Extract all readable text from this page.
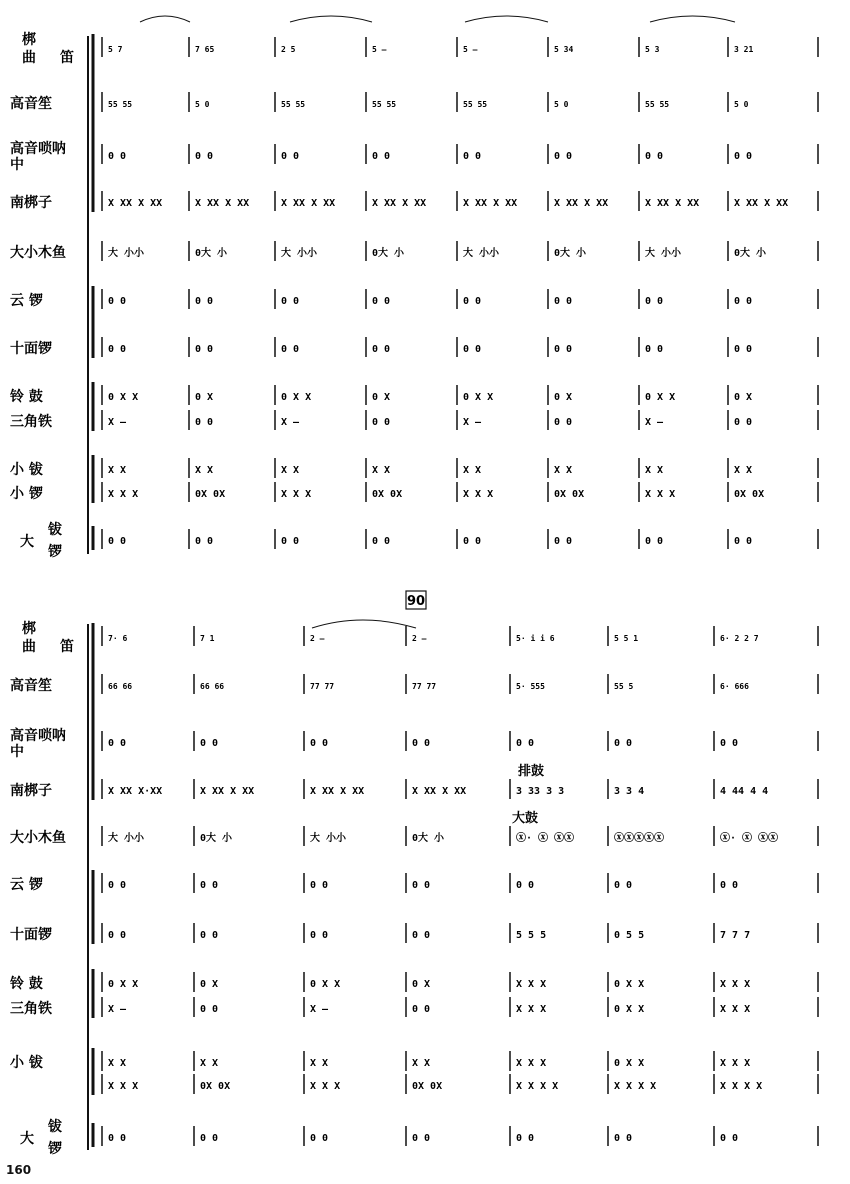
梆
曲 笛
5 7	7 65	2 5	5 –	5 –	5 34	5 3	3 21
高音笙	55 55	5 0	55 55	55 55	55 55	5 0	55 55	5 0
高音唢呐
中
0 0	0 0	0 0	0 0	0 0	0 0	0 0	0 0
南梆子	X XX X XX	X XX X XX	X XX X XX	X XX X XX	X XX X XX	X XX X XX	X XX X XX	X XX X XX
大小木鱼	大 小小	0大 小	大 小小	0大 小	大 小小	0大 小	大 小小	0大 小
云 锣	0 0	0 0	0 0	0 0	0 0	0 0	0 0	0 0
十面锣	0 0	0 0	0 0	0 0	0 0	0 0	0 0	0 0
铃 鼓	0 X X	0 X	0 X X	0 X	0 X X	0 X	0 X X	0 X
三角铁	X –	0 0	X –	0 0	X –	0 0	X –	0 0
小 钹	X X	X X	X X	X X	X X	X X	X X	X X
小 锣	X X X	0X 0X	X X X	0X 0X	X X X	0X 0X	X X X	0X 0X
大
钹
锣
0 0	0 0	0 0	0 0	0 0	0 0	0 0	0 0
梆
曲 笛
7· 6	7 1	2 –	2 –	5· i i 6	5 5 1	6· 2 2 7
高音笙	66 66	66 66	77 77	77 77	5· 555	55 5	6· 666
高音唢呐
中
0 0	0 0	0 0	0 0	0 0	0 0	0 0
南梆子	X XX X·XX	X XX X XX	X XX X XX	X XX X XX	3 33 3 3	3 3 4	4 44 4 4
大小木鱼	大 小小	0大 小	大 小小	0大 小	ⓧ· ⓧ ⓧⓧ	ⓧⓧⓧⓧⓧ	ⓧ· ⓧ ⓧⓧ
云 锣	0 0	0 0	0 0	0 0	0 0	0 0	0 0
十面锣	0 0	0 0	0 0	0 0	5 5 5	0 5 5	7 7 7
铃 鼓	0 X X	0 X	0 X X	0 X	X X X	0 X X	X X X
三角铁	X –	0 0	X –	0 0	X X X	0 X X	X X X
小 钹	X X	X X	X X	X X	X X X	0 X X	X X X
X X X	0X 0X	X X X	0X 0X	X X X X	X X X X	X X X X
大
钹
锣
0 0	0 0	0 0	0 0	0 0	0 0	0 0
90
排鼓
大鼓
160
